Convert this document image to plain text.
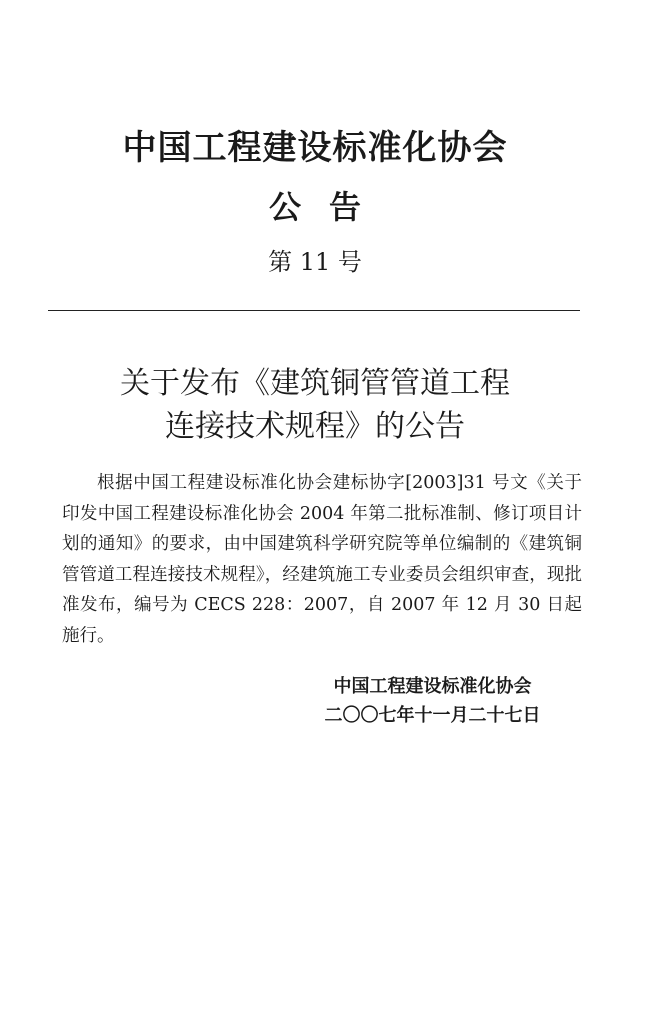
中国工程建设标准化协会
公告
第 11 号
关于发布《建筑铜管管道工程
连接技术规程》的公告
根据中国工程建设标准化协会建标协字[2003]31 号文《关于印发中国工程建设标准化协会 2004 年第二批标准制、修订项目计划的通知》的要求，由中国建筑科学研究院等单位编制的《建筑铜管管道工程连接技术规程》，经建筑施工专业委员会组织审查，现批准发布，编号为 CECS 228：2007，自 2007 年 12 月 30 日起施行。
中国工程建设标准化协会
二〇〇七年十一月二十七日
